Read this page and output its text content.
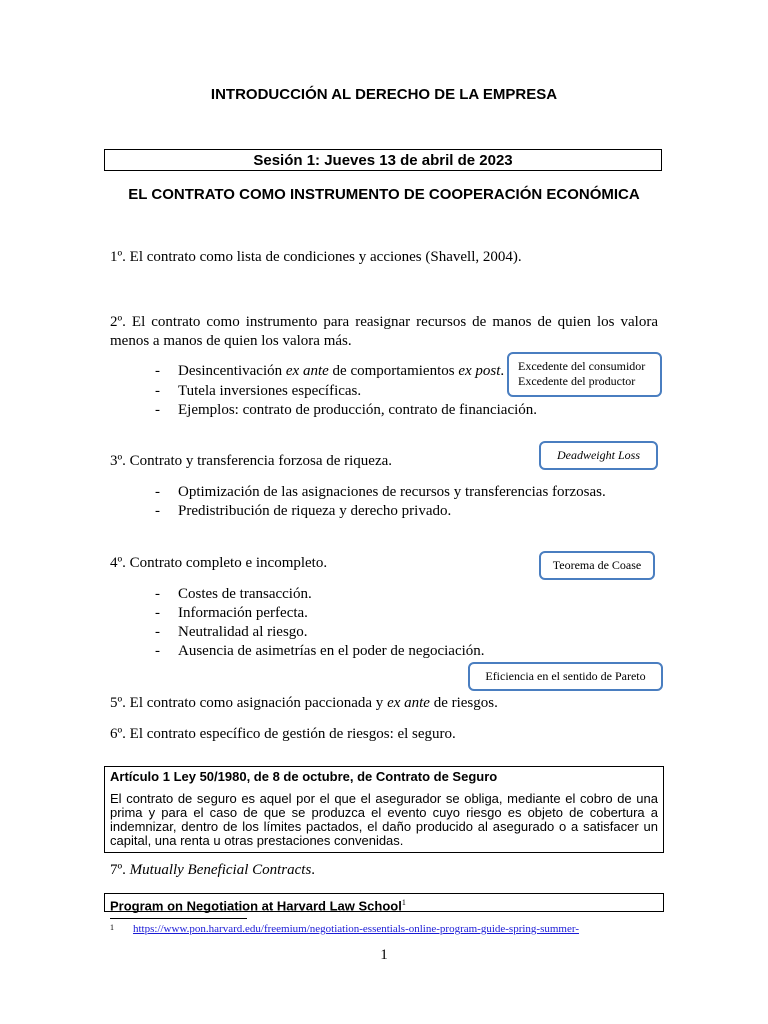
INTRODUCCIÓN AL DERECHO DE LA EMPRESA
Sesión 1: Jueves 13 de abril de 2023
EL CONTRATO COMO INSTRUMENTO DE COOPERACIÓN ECONÓMICA
1º. El contrato como lista de condiciones y acciones (Shavell, 2004).
2º. El contrato como instrumento para reasignar recursos de manos de quien los valora menos a manos de quien los valora más.
- Desincentivación ex ante de comportamientos ex post.
- Tutela inversiones específicas.
- Ejemplos: contrato de producción, contrato de financiación.
Excedente del consumidor
Excedente del productor
3º. Contrato y transferencia forzosa de riqueza.	Deadweight Loss
- Optimización de las asignaciones de recursos y transferencias forzosas.
- Predistribución de riqueza y derecho privado.
4º. Contrato completo e incompleto.	Teorema de Coase
- Costes de transacción.
- Información perfecta.
- Neutralidad al riesgo.
- Ausencia de asimetrías en el poder de negociación.
Eficiencia en el sentido de Pareto
5º. El contrato como asignación paccionada y ex ante de riesgos.
6º. El contrato específico de gestión de riesgos: el seguro.
Artículo 1 Ley 50/1980, de 8 de octubre, de Contrato de Seguro
El contrato de seguro es aquel por el que el asegurador se obliga, mediante el cobro de una prima y para el caso de que se produzca el evento cuyo riesgo es objeto de cobertura a indemnizar, dentro de los límites pactados, el daño producido al asegurado o a satisfacer un capital, una renta u otras prestaciones convenidas.
7º. Mutually Beneficial Contracts.
Program on Negotiation at Harvard Law School$^1$
1 https://www.pon.harvard.edu/freemium/negotiation-essentials-online-program-guide-spring-summer-
1
